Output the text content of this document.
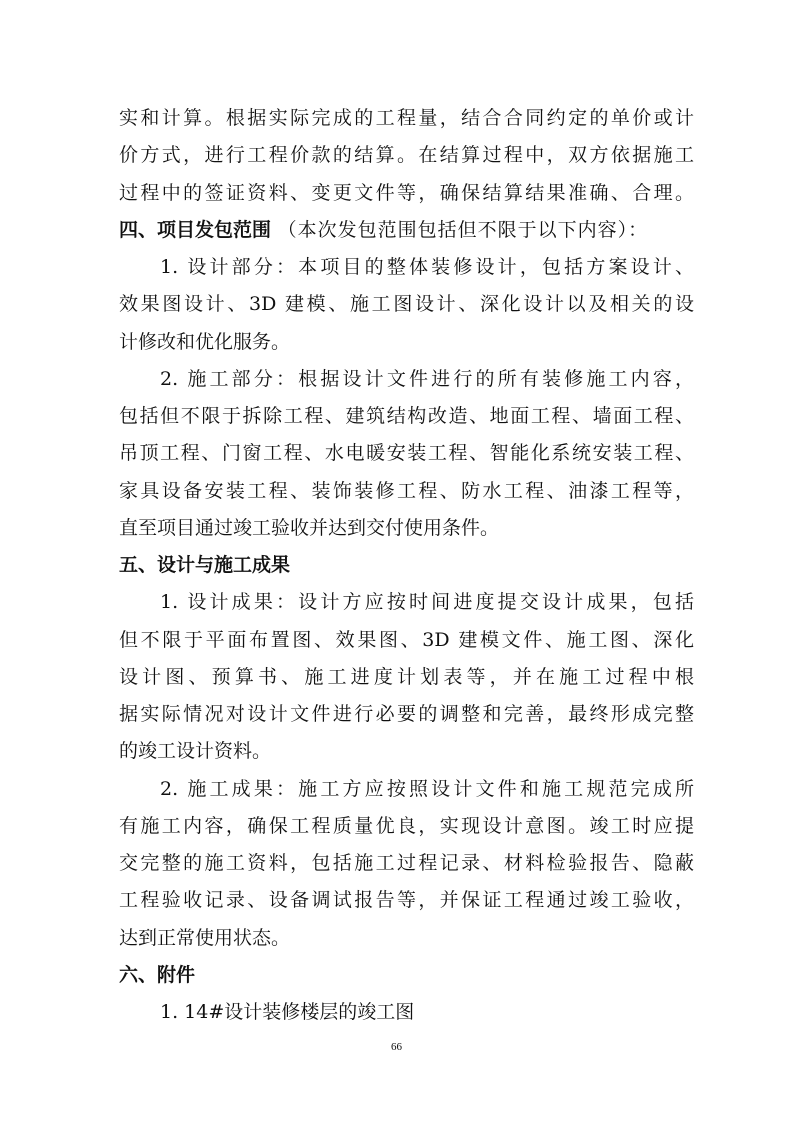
实和计算。根据实际完成的工程量，结合合同约定的单价或计
价方式，进行工程价款的结算。在结算过程中，双方依据施工
过程中的签证资料、变更文件等，确保结算结果准确、合理。
四、项目发包范围 （本次发包范围包括但不限于以下内容）：
1. 设计部分：本项目的整体装修设计，包括方案设计、
效果图设计、3D 建模、施工图设计、深化设计以及相关的设
计修改和优化服务。
2. 施工部分：根据设计文件进行的所有装修施工内容，
包括但不限于拆除工程、建筑结构改造、地面工程、墙面工程、
吊顶工程、门窗工程、水电暖安装工程、智能化系统安装工程、
家具设备安装工程、装饰装修工程、防水工程、油漆工程等，
直至项目通过竣工验收并达到交付使用条件。
五、设计与施工成果
1. 设计成果：设计方应按时间进度提交设计成果，包括
但不限于平面布置图、效果图、3D 建模文件、施工图、深化
设计图、预算书、施工进度计划表等，并在施工过程中根
据实际情况对设计文件进行必要的调整和完善，最终形成完整
的竣工设计资料。
2. 施工成果：施工方应按照设计文件和施工规范完成所
有施工内容，确保工程质量优良，实现设计意图。竣工时应提
交完整的施工资料，包括施工过程记录、材料检验报告、隐蔽
工程验收记录、设备调试报告等，并保证工程通过竣工验收，
达到正常使用状态。
六、附件
1. 14#设计装修楼层的竣工图
66
